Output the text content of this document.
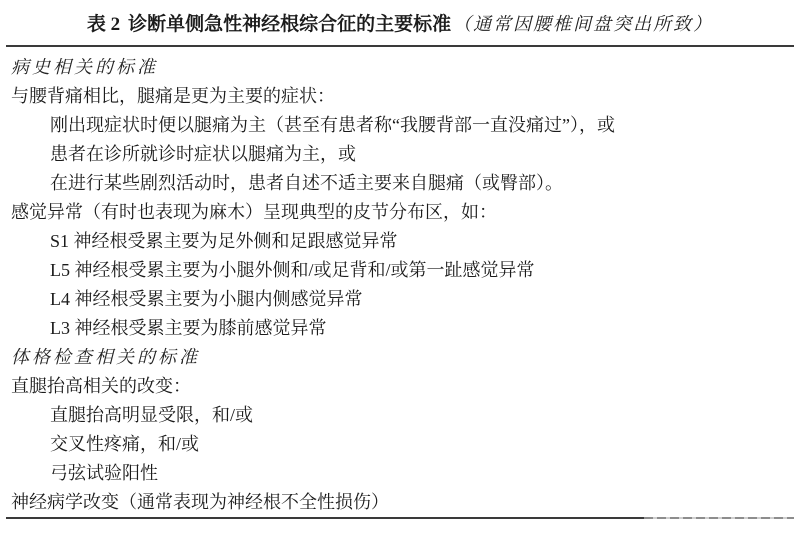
表 2 诊断单侧急性神经根综合征的主要标准 （通常因腰椎间盘突出所致）
病史相关的标准
与腰背痛相比，腿痛是更为主要的症状：
刚出现症状时便以腿痛为主（甚至有患者称“我腰背部一直没痛过”），或
患者在诊所就诊时症状以腿痛为主，或
在进行某些剧烈活动时，患者自述不适主要来自腿痛（或臀部）。
感觉异常（有时也表现为麻木）呈现典型的皮节分布区，如：
S1 神经根受累主要为足外侧和足跟感觉异常
L5 神经根受累主要为小腿外侧和/或足背和/或第一趾感觉异常
L4 神经根受累主要为小腿内侧感觉异常
L3 神经根受累主要为膝前感觉异常
体格检查相关的标准
直腿抬高相关的改变：
直腿抬高明显受限，和/或
交叉性疼痛，和/或
弓弦试验阳性
神经病学改变（通常表现为神经根不全性损伤）
